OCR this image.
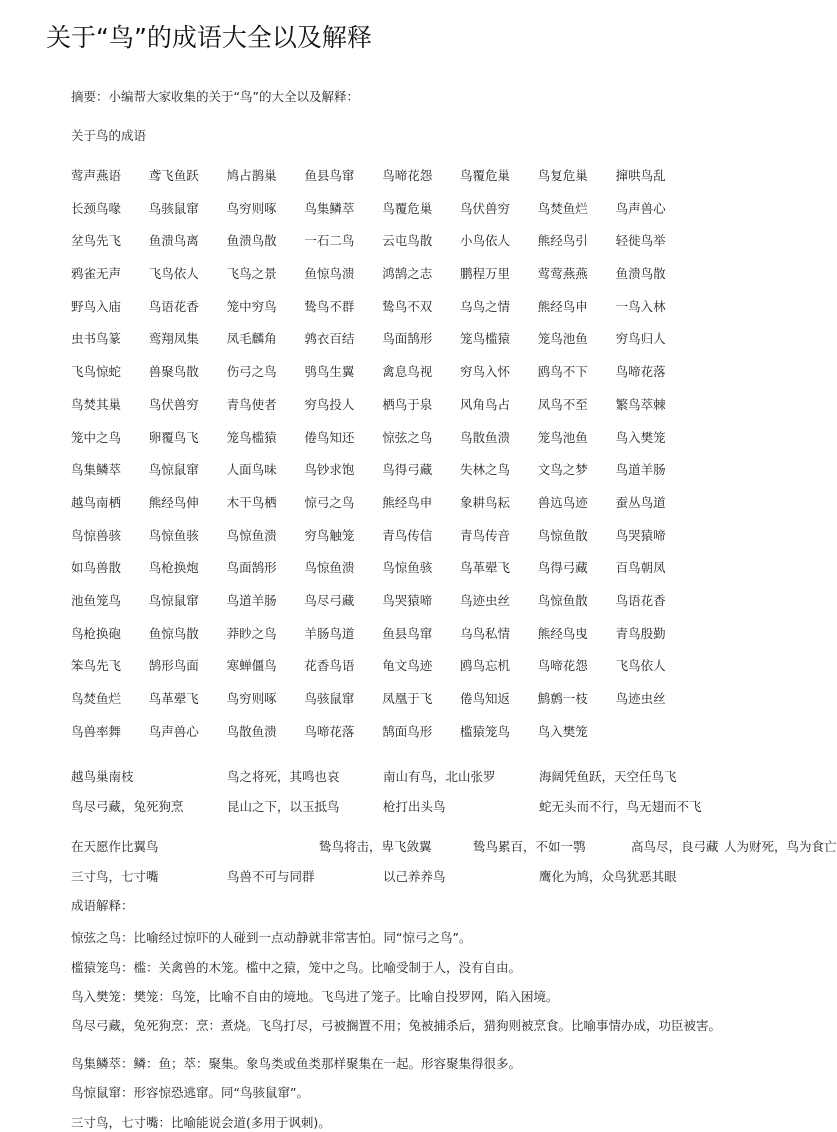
关于“鸟”的成语大全以及解释
摘要：小编帮大家收集的关于“鸟”的大全以及解释：
关于鸟的成语
莺声燕语 鸢飞鱼跃 鸠占鹊巢 鱼县鸟窜 鸟啼花怨 鸟覆危巢 鸟复危巢 撺哄鸟乱
长颈鸟喙 鸟骇鼠窜 鸟穷则啄 鸟集鳞萃 鸟覆危巢 鸟伏兽穷 鸟焚鱼烂 鸟声兽心
坌鸟先飞 鱼溃鸟离 鱼溃鸟散 一石二鸟 云屯鸟散 小鸟依人 熊经鸟引 轻徙鸟举
鸦雀无声 飞鸟依人 飞鸟之景 鱼惊鸟溃 鸿鹄之志 鹏程万里 莺莺燕燕 鱼溃鸟散
野鸟入庙 鸟语花香 笼中穷鸟 鸷鸟不群 鸷鸟不双 乌鸟之情 熊经鸟申 一鸟入林
虫书鸟篆 鸾翔凤集 凤毛麟角 鹑衣百结 鸟面鹄形 笼鸟槛猿 笼鸟池鱼 穷鸟归人
飞鸟惊蛇 兽聚鸟散 伤弓之鸟 鸮鸟生翼 禽息鸟视 穷鸟入怀 鸥鸟不下 鸟啼花落
鸟焚其巢 鸟伏兽穷 青鸟使者 穷鸟投人 栖鸟于泉 风角鸟占 凤鸟不至 繁鸟萃棘
笼中之鸟 卵覆鸟飞 笼鸟槛猿 倦鸟知还 惊弦之鸟 鸟散鱼溃 笼鸟池鱼 鸟入樊笼
鸟集鳞萃 鸟惊鼠窜 人面鸟味 鸟钞求饱 鸟得弓藏 失林之鸟 文鸟之梦 鸟道羊肠
越鸟南栖 熊经鸟伸 木干鸟栖 惊弓之鸟 熊经鸟申 象耕鸟耘 兽迒鸟迹 蚕丛鸟道
鸟惊兽骇 鸟惊鱼骇 鸟惊鱼溃 穷鸟触笼 青鸟传信 青鸟传音 鸟惊鱼散 鸟哭猿啼
如鸟兽散 鸟枪换炮 鸟面鹄形 鸟惊鱼溃 鸟惊鱼骇 鸟革翚飞 鸟得弓藏 百鸟朝凤
池鱼笼鸟 鸟惊鼠窜 鸟道羊肠 鸟尽弓藏 鸟哭猿啼 鸟迹虫丝 鸟惊鱼散 鸟语花香
鸟枪换砲 鱼惊鸟散 莽眇之鸟 羊肠鸟道 鱼县鸟窜 乌鸟私情 熊经鸟曳 青鸟殷勤
笨鸟先飞 鹄形鸟面 寒蝉僵鸟 花香鸟语 龟文鸟迹 鸥鸟忘机 鸟啼花怨 飞鸟依人
鸟焚鱼烂 鸟革翚飞 鸟穷则啄 鸟骇鼠窜 凤凰于飞 倦鸟知返 鹪鹩一枝 鸟迹虫丝
鸟兽率舞 鸟声兽心 鸟散鱼溃 鸟啼花落 鹄面鸟形 槛猿笼鸟 鸟入樊笼
越鸟巢南枝	鸟之将死，其鸣也哀	南山有鸟，北山张罗	海阔凭鱼跃，天空任鸟飞
鸟尽弓藏，兔死狗烹	昆山之下，以玉抵鸟	枪打出头鸟	蛇无头而不行，鸟无翅而不飞
在天愿作比翼鸟	鸷鸟将击，卑飞敛翼	鸷鸟累百，不如一鹗	高鸟尽，良弓藏 人为财死，鸟为食亡
三寸鸟，七寸嘴	鸟兽不可与同群	以己养养鸟	鹰化为鸠，众鸟犹恶其眼
成语解释：
惊弦之鸟：比喻经过惊吓的人碰到一点动静就非常害怕。同“惊弓之鸟”。
槛猿笼鸟：槛：关禽兽的木笼。槛中之猿，笼中之鸟。比喻受制于人，没有自由。
鸟入樊笼：樊笼：鸟笼，比喻不自由的境地。飞鸟进了笼子。比喻自投罗网，陷入困境。
鸟尽弓藏，兔死狗烹：烹：煮烧。飞鸟打尽，弓被搁置不用；兔被捕杀后，猎狗则被烹食。比喻事情办成，功臣被害。
鸟集鳞萃：鳞：鱼；萃：聚集。象鸟类或鱼类那样聚集在一起。形容聚集得很多。
鸟惊鼠窜：形容惊恐逃窜。同“鸟骇鼠窜”。
三寸鸟，七寸嘴：比喻能说会道(多用于讽刺)。
